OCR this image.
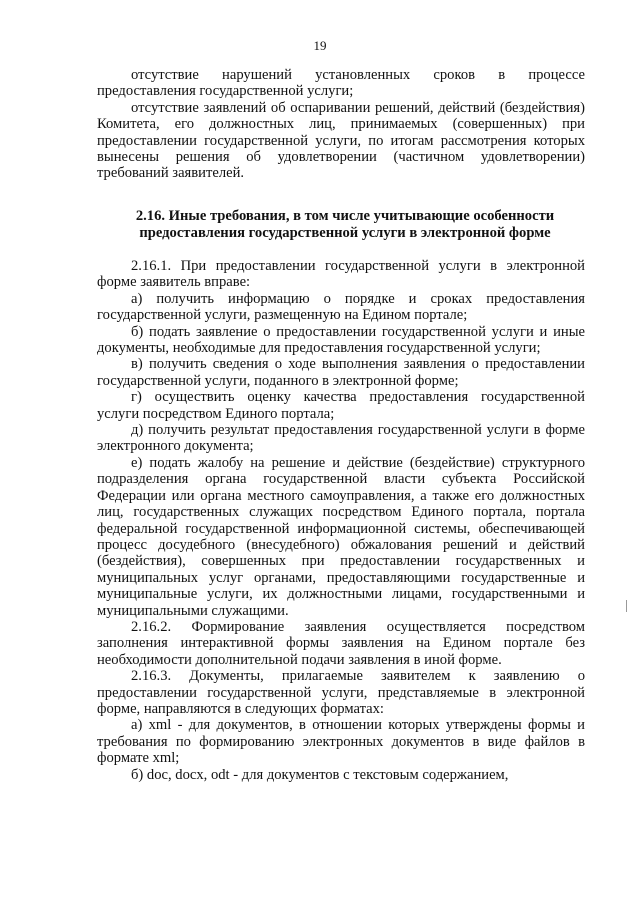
19

отсутствие нарушений установленных сроков в процессе предоставления государственной услуги;

отсутствие заявлений об оспаривании решений, действий (бездействия) Комитета, его должностных лиц, принимаемых (совершенных) при предоставлении государственной услуги, по итогам рассмотрения которых вынесены решения об удовлетворении (частичном удовлетворении) требований заявителей.

2.16. Иные требования, в том числе учитывающие особенности
предоставления государственной услуги в электронной форме

2.16.1. При предоставлении государственной услуги в электронной форме заявитель вправе:

а) получить информацию о порядке и сроках предоставления государственной услуги, размещенную на Едином портале;

б) подать заявление о предоставлении государственной услуги и иные документы, необходимые для предоставления государственной услуги;

в) получить сведения о ходе выполнения заявления о предоставлении государственной услуги, поданного в электронной форме;

г) осуществить оценку качества предоставления государственной услуги посредством Единого портала;

д) получить результат предоставления государственной услуги в форме электронного документа;

е) подать жалобу на решение и действие (бездействие) структурного подразделения органа государственной власти субъекта Российской Федерации или органа местного самоуправления, а также его должностных лиц, государственных служащих посредством Единого портала, портала федеральной государственной информационной системы, обеспечивающей процесс досудебного (внесудебного) обжалования решений и действий (бездействия), совершенных при предоставлении государственных и муниципальных услуг органами, предоставляющими государственные и муниципальные услуги, их должностными лицами, государственными и муниципальными служащими.

2.16.2. Формирование заявления осуществляется посредством заполнения интерактивной формы заявления на Едином портале без необходимости дополнительной подачи заявления в иной форме.

2.16.3. Документы, прилагаемые заявителем к заявлению о предоставлении государственной услуги, представляемые в электронной форме, направляются в следующих форматах:

а) xml - для документов, в отношении которых утверждены формы и требования по формированию электронных документов в виде файлов в формате xml;

б) doc, docx, odt - для документов с текстовым содержанием,
